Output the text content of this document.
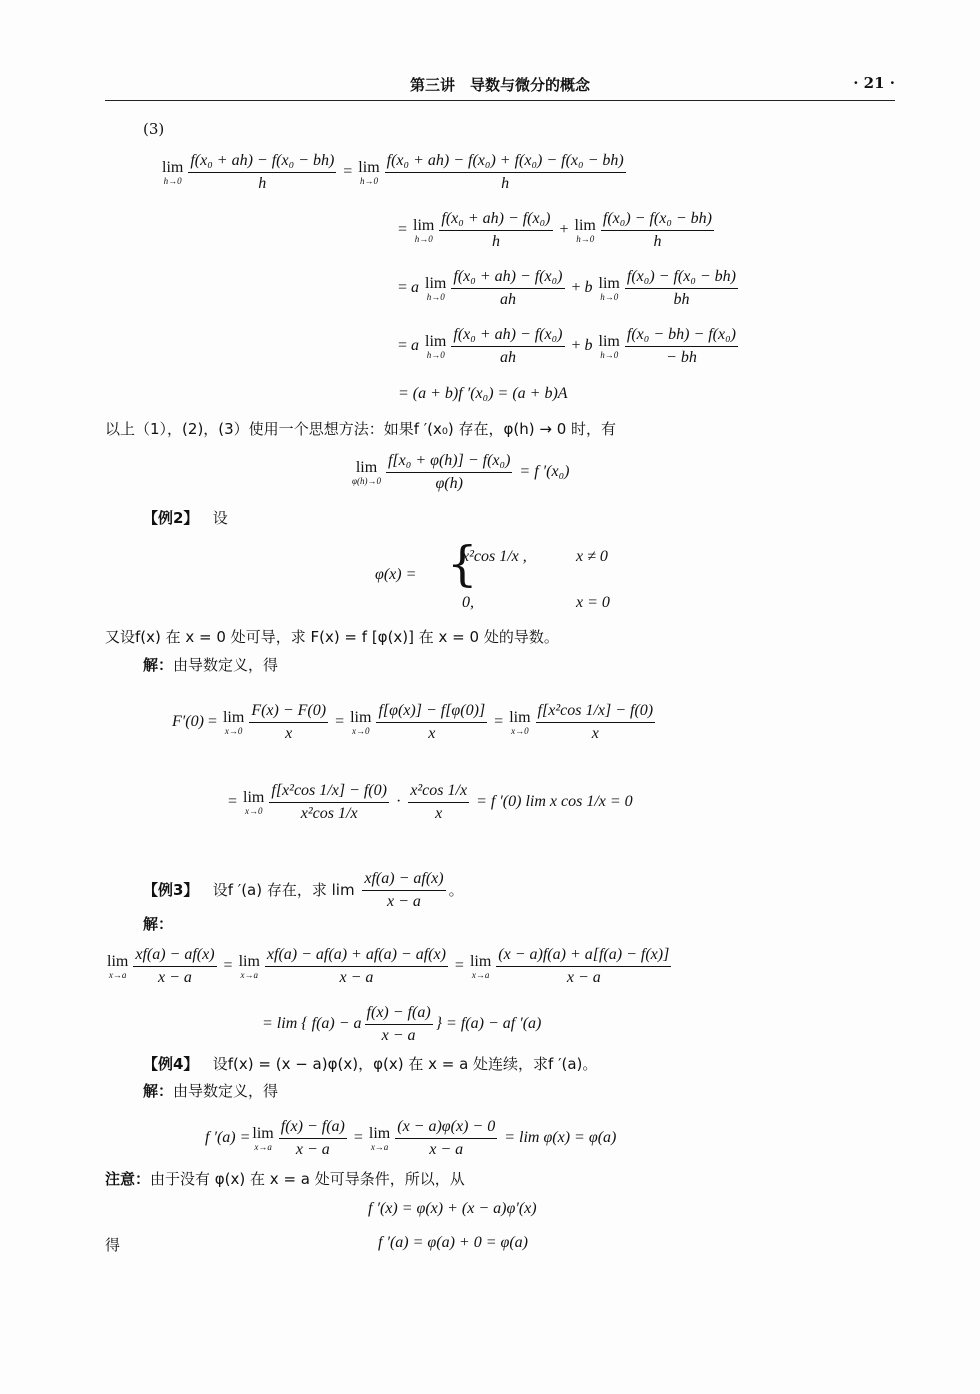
第三讲　导数与微分的概念	· 21 ·
(3)
lim
$h\to 0 \frac{\text{f(x₀ + ah) − f(x₀ − bh)}}{h} = \lim$
$h\to 0 \frac{\text{f(x₀ + ah) − f(x₀) + f(x₀) − f(x₀ − bh)}}{h}$
= lim
$h\to 0 \frac{\text{f(x₀ + ah) − f(x₀)}}{h} + \lim$
$h\to 0 \frac{\text{f(x₀) − f(x₀ − bh)}}{h}$
= a lim
$h\to 0 \frac{\text{f(x₀ + ah) − f(x₀)}}{ah} + b$ lim
$h\to 0 \frac{\text{f(x₀) − f(x₀ − bh)}}{bh}$
= a lim
$h\to 0 \frac{\text{f(x₀ + ah) − f(x₀)}}{ah} + b$ lim
$h\to 0 \frac{\text{f(x₀ − bh) − f(x₀)}}{- bh}$
= (a + b)f ′(x₀) = (a + b)A
以上（1），(2)，(3）使用一个思想方法：如果f ′(x₀) 存在，φ(h) → 0 时，有
lim
$\varphi(h)\to 0 \frac{\text{f[x₀ + φ(h)] − f(x₀)}}{\varphi(h)} = f$ ′(x₀)
【例2】 设
φ(x) = {
x²cos 1/x ,	x ≠ 0
0,	x = 0
又设f(x) 在 x = 0 处可导，求 F(x) = f [φ(x)] 在 x = 0 处的导数。
解：由导数定义，得
F′(0) = lim
$x\to 0 \frac{F(x) - F(0)}{x} = \lim$
$x\to 0 \frac{f[\varphi(x)] - f[\varphi(0)]}{x} = \lim$
$x\to 0 \frac{\text{f[x²cos 1/x] − f(0)}}{x}$
= lim
$x\to 0 \frac{\text{f[x²cos 1/x] − f(0)}}{\text{x²cos 1/x}} \cdot \frac{\text{x²cos 1/x}}{x} = f$ ′(0) lim x cos 1/x = 0
【例3】 设f ′(a) 存在，求 $\lim \frac{xf(a) - af(x)}{x - a}$ 。
解：
lim
$x\to a \frac{xf(a) - af(x)}{x - a} = \lim$
$x\to a \frac{xf(a) - af(a) + af(a) - af(x)}{x - a} = \lim$
$x\to a \frac{(x - a)f(a) + a[f(a) - f(x)]}{x - a}$
= lim { f(a) − a $\frac{f(x) - f(a)}{x - a}$ } = f(a) − af ′(a)
【例4】 设f(x) = (x − a)φ(x)，φ(x) 在 x = a 处连续，求f ′(a)。
解：由导数定义，得
f ′(a) = lim
$x\to a \frac{f(x) - f(a)}{x - a} = \lim$
$x\to a \frac{(x - a)\varphi(x) - 0}{x - a} = \lim \varphi(x) = \varphi(a)$
注意：由于没有 φ(x) 在 x = a 处可导条件，所以，从
f ′(x) = φ(x) + (x − a)φ′(x)
得	f ′(a) = φ(a) + 0 = φ(a)
